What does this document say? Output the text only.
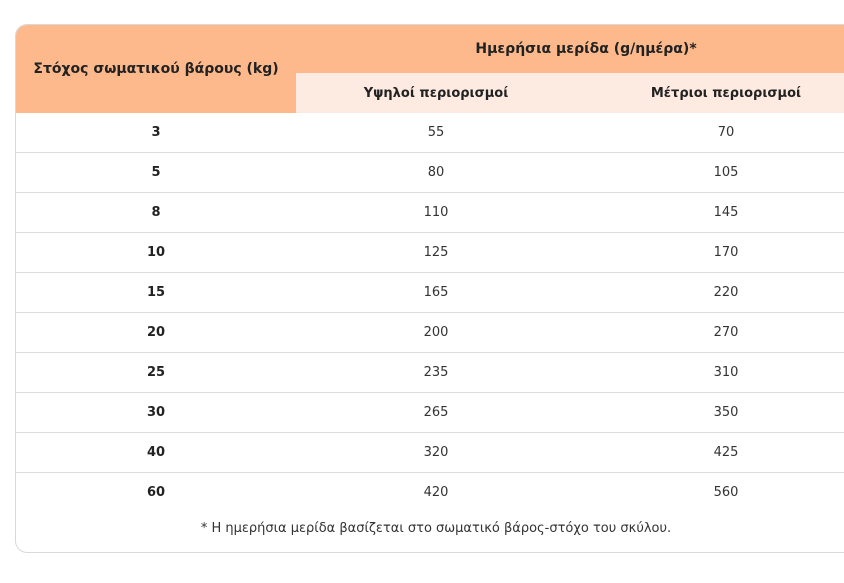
Στόχος σωματικού βάρους (kg)	Ημερήσια μερίδα (g/ημέρα)*	
	Υψηλοί περιορισμοί	Μέτριοι περιορισμοί
3	55	70
5	80	105
8	110	145
10	125	170
15	165	220
20	200	270
25	235	310
30	265	350
40	320	425
60	420	560
* Η ημερήσια μερίδα βασίζεται στο σωματικό βάρος-στόχο του σκύλου.
